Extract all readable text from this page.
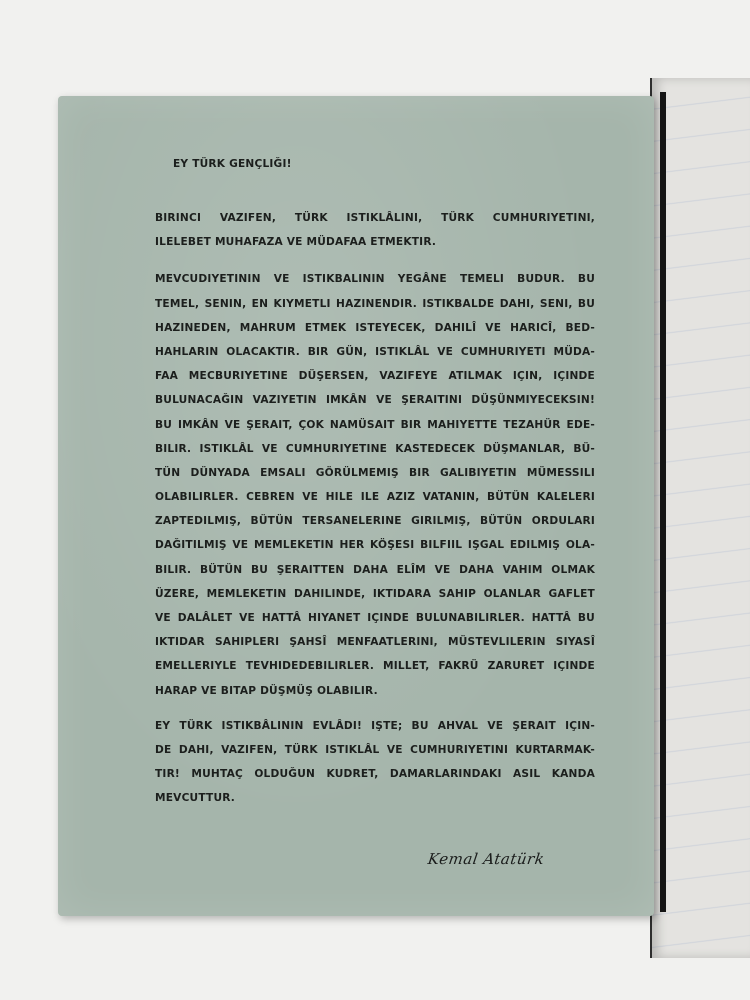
EY TÜRK GENÇLIĞI!
BIRINCI VAZIFEN, TÜRK ISTIKLÂLINI, TÜRK CUMHURIYETINI,
ILELEBET MUHAFAZA VE MÜDAFAA ETMEKTIR.
MEVCUDIYETININ VE ISTIKBALININ YEGÂNE TEMELI BUDUR. BU
TEMEL, SENIN, EN KIYMETLI HAZINENDIR. ISTIKBALDE DAHI, SENI, BU
HAZINEDEN, MAHRUM ETMEK ISTEYECEK, DAHILÎ VE HARICÎ, BED-
HAHLARIN OLACAKTIR. BIR GÜN, ISTIKLÂL VE CUMHURIYETI MÜDA-
FAA MECBURIYETINE DÜŞERSEN, VAZIFEYE ATILMAK IÇIN, IÇINDE
BULUNACAĞIN VAZIYETIN IMKÂN VE ŞERAITINI DÜŞÜNMIYECEKSIN!
BU IMKÂN VE ŞERAIT, ÇOK NAMÜSAIT BIR MAHIYETTE TEZAHÜR EDE-
BILIR. ISTIKLÂL VE CUMHURIYETINE KASTEDECEK DÜŞMANLAR, BÜ-
TÜN DÜNYADA EMSALI GÖRÜLMEMIŞ BIR GALIBIYETIN MÜMESSILI
OLABILIRLER. CEBREN VE HILE ILE AZIZ VATANIN, BÜTÜN KALELERI
ZAPTEDILMIŞ, BÜTÜN TERSANELERINE GIRILMIŞ, BÜTÜN ORDULARI
DAĞITILMIŞ VE MEMLEKETIN HER KÖŞESI BILFIIL IŞGAL EDILMIŞ OLA-
BILIR. BÜTÜN BU ŞERAITTEN DAHA ELÎM VE DAHA VAHIM OLMAK
ÜZERE, MEMLEKETIN DAHILINDE, IKTIDARA SAHIP OLANLAR GAFLET
VE DALÂLET VE HATTÂ HIYANET IÇINDE BULUNABILIRLER. HATTÂ BU
IKTIDAR SAHIPLERI ŞAHSÎ MENFAATLERINI, MÜSTEVLILERIN SIYASÎ
EMELLERIYLE TEVHIDEDEBILIRLER. MILLET, FAKRÜ ZARURET IÇINDE
HARAP VE BITAP DÜŞMÜŞ OLABILIR.
EY TÜRK ISTIKBÂLININ EVLÂDI! IŞTE; BU AHVAL VE ŞERAIT IÇIN-
DE DAHI, VAZIFEN, TÜRK ISTIKLÂL VE CUMHURIYETINI KURTARMAK-
TIR! MUHTAÇ OLDUĞUN KUDRET, DAMARLARINDAKI ASIL KANDA
MEVCUTTUR.
Kemal Atatürk
